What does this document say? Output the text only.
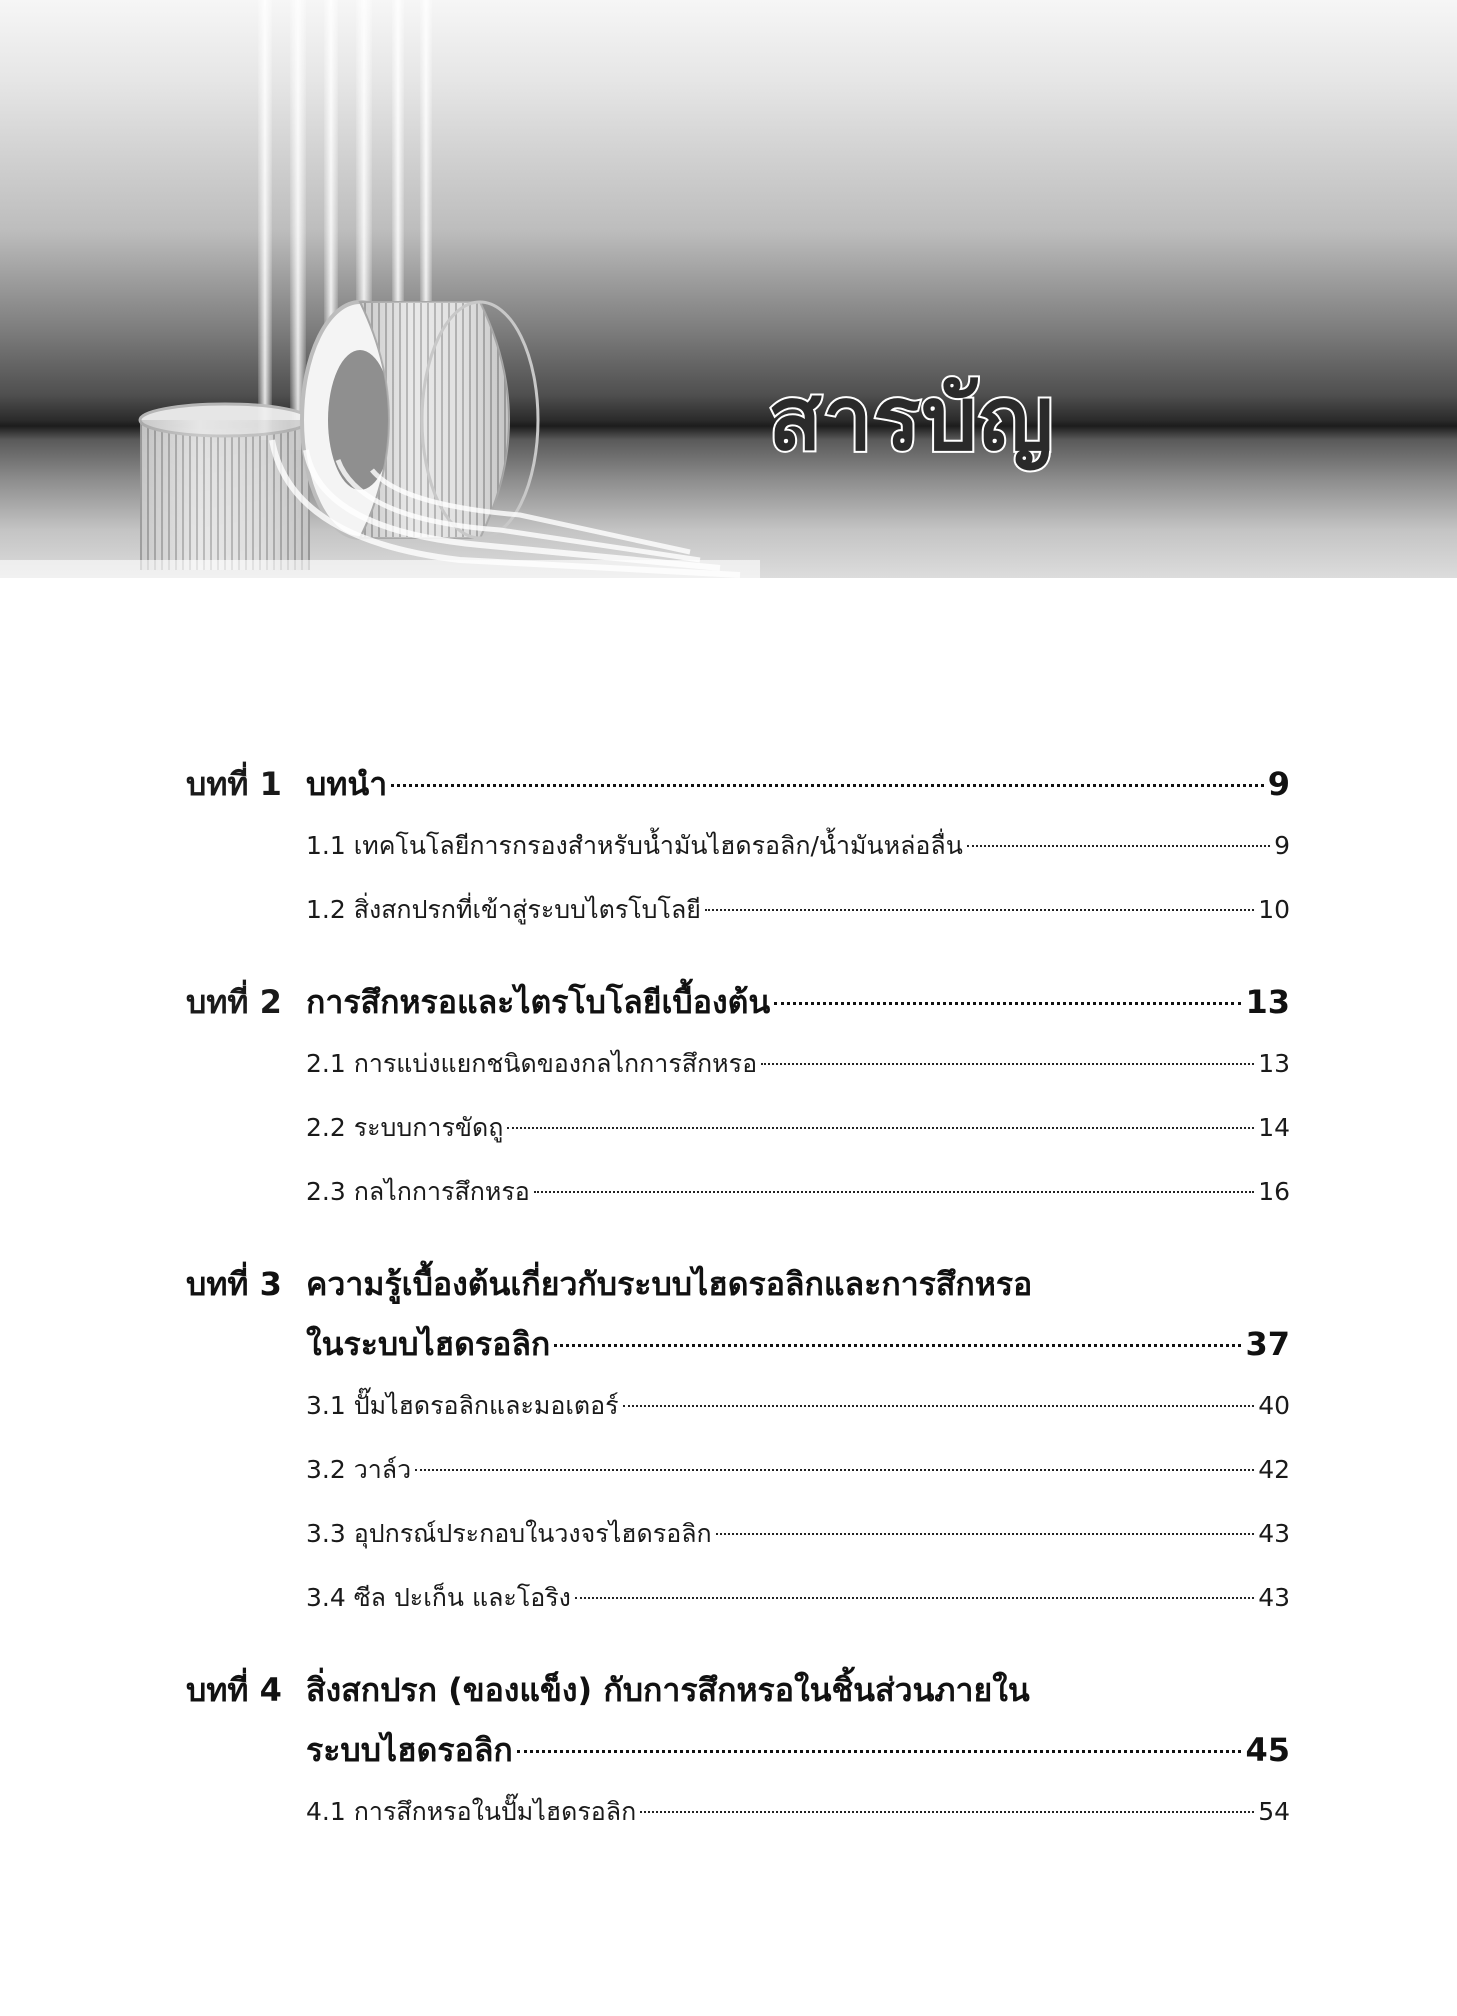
สารบัญ
บทที่ 1 บทนำ	9
1.1 เทคโนโลยีการกรองสำหรับน้ำมันไฮดรอลิก/น้ำมันหล่อลื่น	9
1.2 สิ่งสกปรกที่เข้าสู่ระบบไตรโบโลยี	10
บทที่ 2 การสึกหรอและไตรโบโลยีเบื้องต้น	13
2.1 การแบ่งแยกชนิดของกลไกการสึกหรอ	13
2.2 ระบบการขัดถู	14
2.3 กลไกการสึกหรอ	16
บทที่ 3 ความรู้เบื้องต้นเกี่ยวกับระบบไฮดรอลิกและการสึกหรอ
ในระบบไฮดรอลิก	37
3.1 ปั๊มไฮดรอลิกและมอเตอร์	40
3.2 วาล์ว	42
3.3 อุปกรณ์ประกอบในวงจรไฮดรอลิก	43
3.4 ซีล ปะเก็น และโอริง	43
บทที่ 4 สิ่งสกปรก (ของแข็ง) กับการสึกหรอในชิ้นส่วนภายใน
ระบบไฮดรอลิก	45
4.1 การสึกหรอในปั๊มไฮดรอลิก	54
